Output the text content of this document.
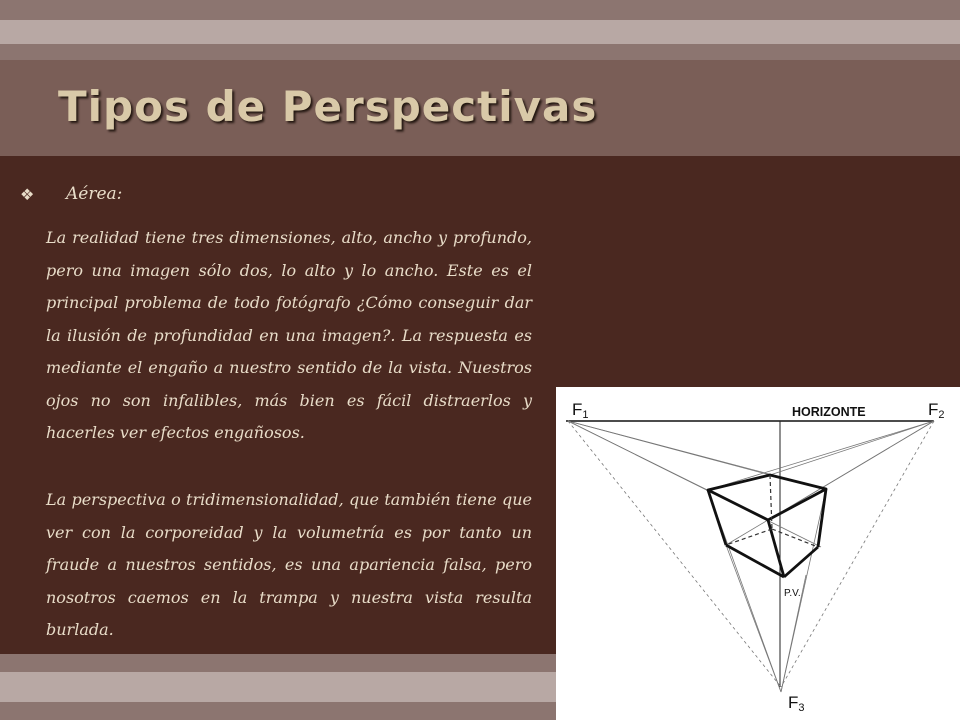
Tipos de Perspectivas
❖	Aérea:

La realidad tiene tres dimensiones, alto, ancho y profundo, pero una imagen sólo dos, lo alto y lo ancho. Este es el principal problema de todo fotógrafo ¿Cómo conseguir dar la ilusión de profundidad en una imagen?. La respuesta es mediante el engaño a nuestro sentido de la vista. Nuestros ojos no son infalibles, más bien es fácil distraerlos y hacerles ver efectos engañosos.

La perspectiva o tridimensionalidad, que también tiene que ver con la corporeidad y la volumetría es por tanto un fraude a nuestros sentidos, es una apariencia falsa, pero nosotros caemos en la trampa y nuestra vista resulta burlada.

F1	HORIZONTE	F2
P.V.
F3
